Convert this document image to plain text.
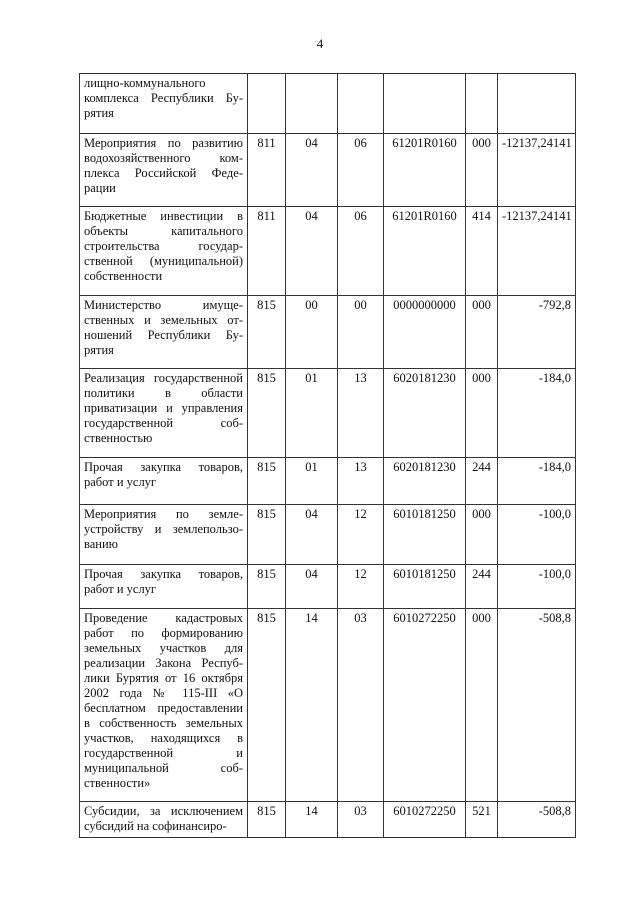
4
лищно-коммунального комплекса Республики Бурятия						
Мероприятия по развитию водохозяйственного комплекса Российской Федерации	811	04	06	61201R0160	000	-12137,24141
Бюджетные инвестиции в объекты капитального строительства государственной (муниципальной) собственности	811	04	06	61201R0160	414	-12137,24141
Министерство имущественных и земельных отношений Республики Бурятия	815	00	00	0000000000	000	-792,8
Реализация государственной политики в области приватизации и управления государственной собственностью	815	01	13	6020181230	000	-184,0
Прочая закупка товаров, работ и услуг	815	01	13	6020181230	244	-184,0
Мероприятия по землеустройству и землепользованию	815	04	12	6010181250	000	-100,0
Прочая закупка товаров, работ и услуг	815	04	12	6010181250	244	-100,0
Проведение кадастровых работ по формированию земельных участков для реализации Закона Республики Бурятия от 16 октября 2002 года № 115-III «О бесплатном предоставлении в собственность земельных участков, находящихся в государственной и муниципальной собственности»	815	14	03	6010272250	000	-508,8
Субсидии, за исключением субсидий на софинансиро-	815	14	03	6010272250	521	-508,8
